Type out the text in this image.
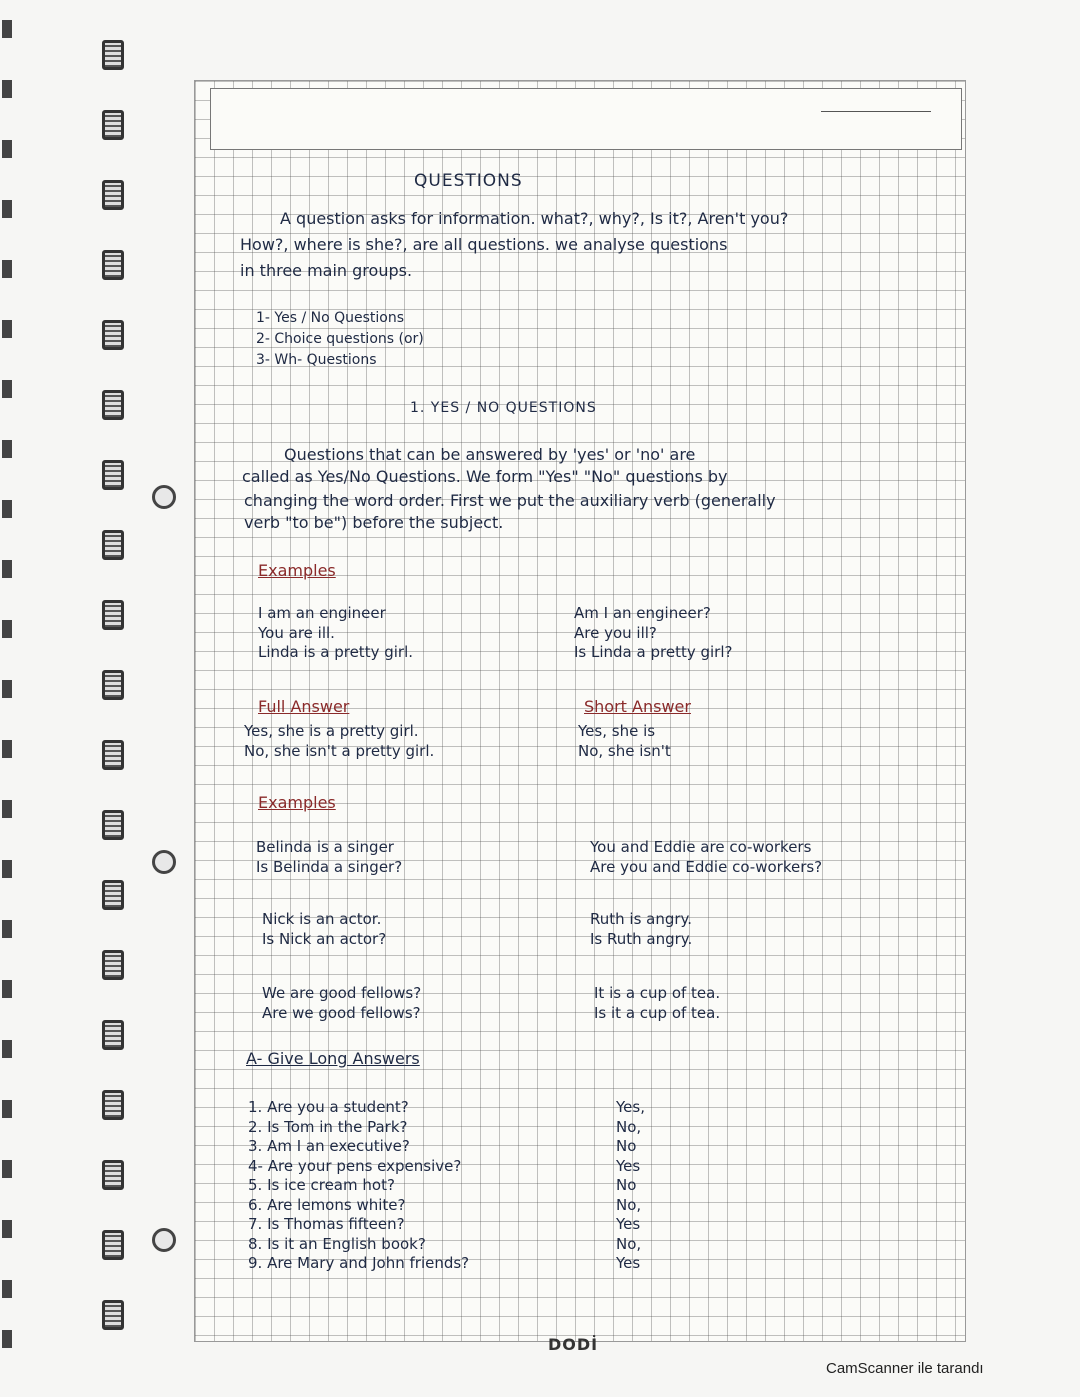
QUESTIONS
A question asks for information. what?, why?, Is it?, Aren't you?
How?, where is she?, are all questions. we analyse questions
in three main groups.
1- Yes / No Questions
2- Choice questions (or)
3- Wh- Questions
1. YES / NO QUESTIONS
Questions that can be answered by 'yes' or 'no' are
called as Yes/No Questions. We form "Yes" "No" questions by
changing the word order. First we put the auxiliary verb (generally
verb "to be") before the subject.
Examples
I am an engineer
You are ill.
Linda is a pretty girl.
Am I an engineer?
Are you ill?
Is Linda a pretty girl?
Full Answer
Yes, she is a pretty girl.
No, she isn't a pretty girl.
Short Answer
Yes, she is
No, she isn't
Examples
Belinda is a singer
Is Belinda a singer?
Nick is an actor.
Is Nick an actor?
We are good fellows?
Are we good fellows?
You and Eddie are co-workers
Are you and Eddie co-workers?
Ruth is angry.
Is Ruth angry.
It is a cup of tea.
Is it a cup of tea.
A- Give Long Answers
1. Are you a student?
2. Is Tom in the Park?
3. Am I an executive?
4- Are your pens expensive?
5. Is ice cream hot?
6. Are lemons white?
7. Is Thomas fifteen?
8. Is it an English book?
9. Are Mary and John friends?
Yes,
No,
No
Yes
No
No,
Yes
No,
Yes
DODİ
CamScanner ile tarandı
